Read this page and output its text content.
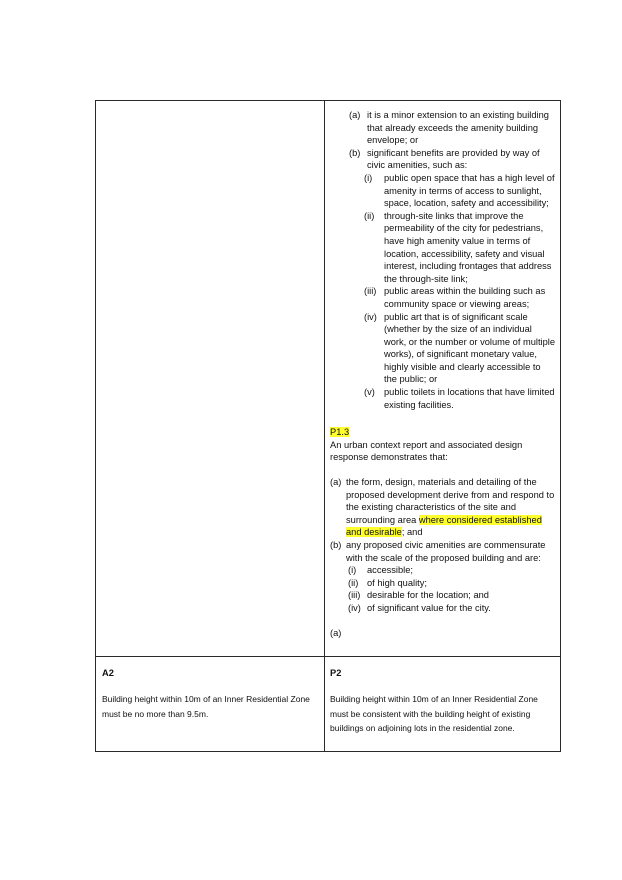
(a) it is a minor extension to an existing building that already exceeds the amenity building envelope; or
(b) significant benefits are provided by way of civic amenities, such as:
(i) public open space that has a high level of amenity in terms of access to sunlight, space, location, safety and accessibility;
(ii) through-site links that improve the permeability of the city for pedestrians, have high amenity value in terms of location, accessibility, safety and visual interest, including frontages that address the through-site link;
(iii) public areas within the building such as community space or viewing areas;
(iv) public art that is of significant scale (whether by the size of an individual work, or the number or volume of multiple works), of significant monetary value, highly visible and clearly accessible to the public; or
(v) public toilets in locations that have limited existing facilities.
P1.3
An urban context report and associated design response demonstrates that:
(a) the form, design, materials and detailing of the proposed development derive from and respond to the existing characteristics of the site and surrounding area where considered established and desirable; and
(b) any proposed civic amenities are commensurate with the scale of the proposed building and are:
(i) accessible;
(ii) of high quality;
(iii) desirable for the location; and
(iv) of significant value for the city.
(a)
A2
Building height within 10m of an Inner Residential Zone must be no more than 9.5m.
P2
Building height within 10m of an Inner Residential Zone must be consistent with the building height of existing buildings on adjoining lots in the residential zone.
